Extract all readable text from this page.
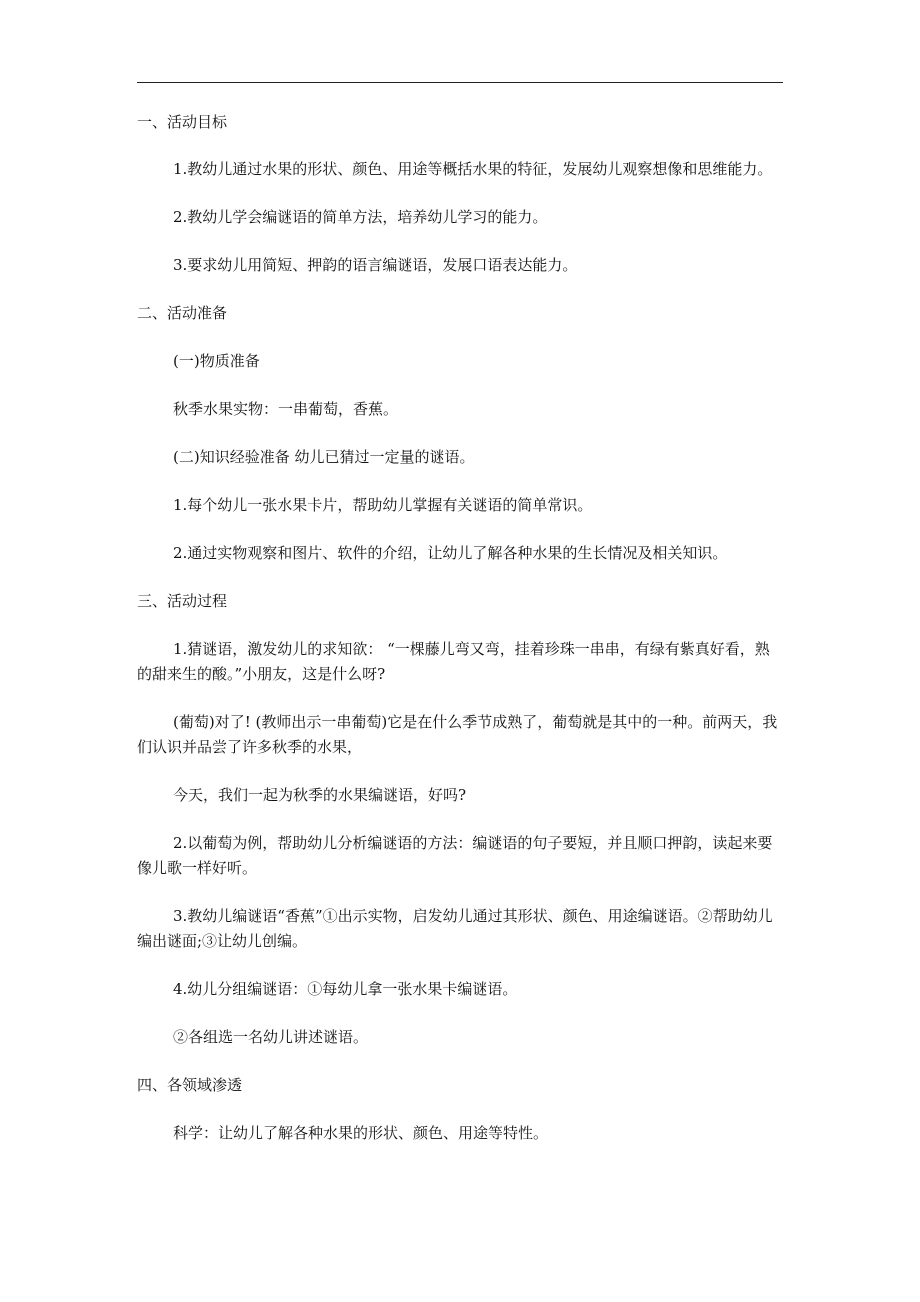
一、活动目标

1.教幼儿通过水果的形状、颜色、用途等概括水果的特征，发展幼儿观察想像和思维能力。

2.教幼儿学会编谜语的简单方法，培养幼儿学习的能力。

3.要求幼儿用简短、押韵的语言编谜语，发展口语表达能力。

二、活动准备

(一)物质准备

秋季水果实物：一串葡萄，香蕉。

(二)知识经验准备 幼儿已猜过一定量的谜语。

1.每个幼儿一张水果卡片，帮助幼儿掌握有关谜语的简单常识。

2.通过实物观察和图片、软件的介绍，让幼儿了解各种水果的生长情况及相关知识。

三、活动过程

1.猜谜语，激发幼儿的求知欲： “一棵藤儿弯又弯，挂着珍珠一串串，有绿有紫真好看，熟的甜来生的酸。”小朋友，这是什么呀?

(葡萄)对了! (教师出示一串葡萄)它是在什么季节成熟了，葡萄就是其中的一种。前两天，我们认识并品尝了许多秋季的水果，

今天，我们一起为秋季的水果编谜语，好吗?

2.以葡萄为例，帮助幼儿分析编谜语的方法：编谜语的句子要短，并且顺口押韵，读起来要像儿歌一样好听。

3.教幼儿编谜语“香蕉”①出示实物，启发幼儿通过其形状、颜色、用途编谜语。②帮助幼儿编出谜面;③让幼儿创编。

4.幼儿分组编谜语：①每幼儿拿一张水果卡编谜语。

②各组选一名幼儿讲述谜语。

四、各领域渗透

科学：让幼儿了解各种水果的形状、颜色、用途等特性。
